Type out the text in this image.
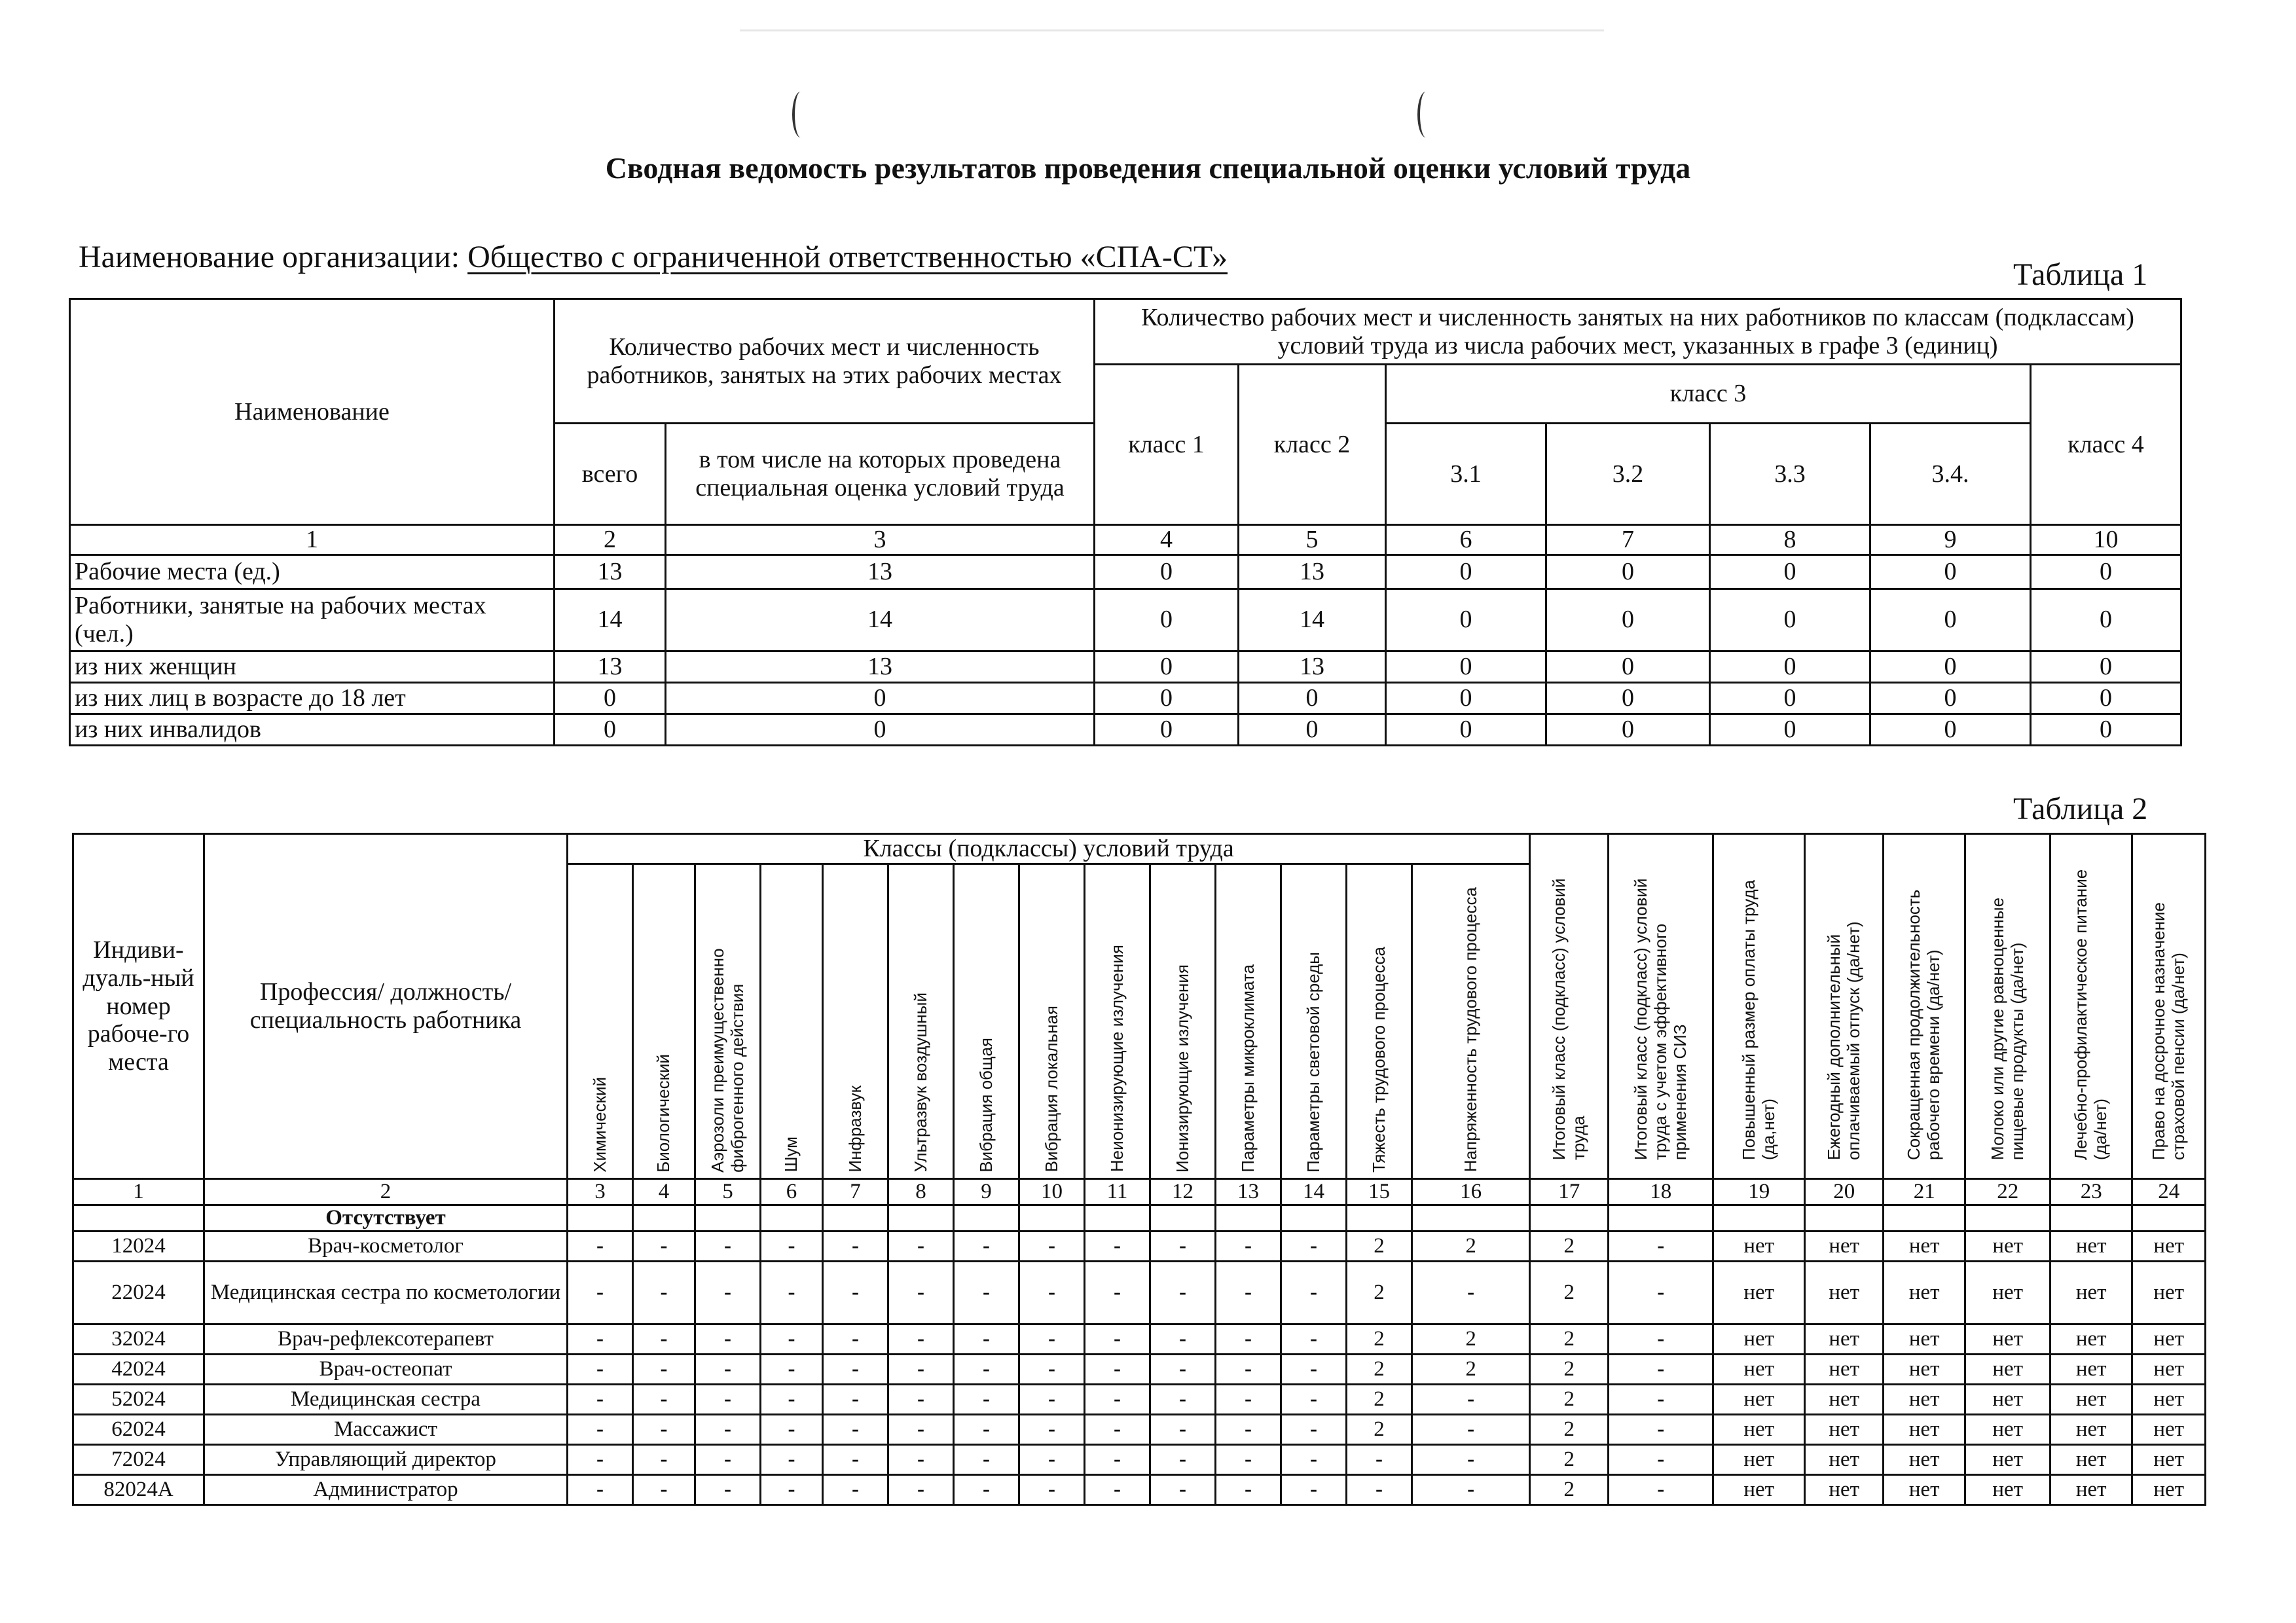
Сводная ведомость результатов проведения специальной оценки условий труда
Наименование организации: Общество с ограниченной ответственностью «СПА-СТ»
Таблица 1
Наименование	Количество рабочих мест и численность работников, занятых на этих рабочих местах		Количество рабочих мест и численность занятых на них работников по классам (подклассам) условий труда из числа рабочих мест, указанных в графе 3 (единиц)						
			класс 1	класс 2	класс 3				класс 4
	всего	в том числе на которых проведена специальная оценка условий труда			3.1	3.2	3.3	3.4.	
1	2	3	4	5	6	7	8	9	10
Рабочие места (ед.)	13	13	0	13	0	0	0	0	0
Работники, занятые на рабочих местах (чел.)	14	14	0	14	0	0	0	0	0
из них женщин	13	13	0	13	0	0	0	0	0
из них лиц в возрасте до 18 лет	0	0	0	0	0	0	0	0	0
из них инвалидов	0	0	0	0	0	0	0	0	0
Таблица 2
Индиви-дуаль-ный номер рабоче-го места	Профессия/ должность/ специальность работника	Классы (подклассы) условий труда														Итоговый класс (подкласс) условий труда	Итоговый класс (подкласс) условий труда с учетом эффективного применения СИЗ	Повышенный размер оплаты труда (да,нет)	Ежегодный дополнительный оплачиваемый отпуск (да/нет)	Сокращенная продолжительность рабочего времени (да/нет)	Молоко или другие равноценные пищевые продукты (да/нет)	Лечебно-профилактическое питание (да/нет)	Право на досрочное назначение страховой пенсии (да/нет)

		Химический	Биологический	Аэрозоли преимущественно фиброгенного действия	Шум	Инфразвук	Ультразвук воздушный	Вибрация общая	Вибрация локальная	Неионизирующие излучения	Ионизирующие излучения	Параметры микроклимата	Параметры световой среды	Тяжесть трудового процесса	Напряженность трудового процесса								

1	2	3	4	5	6	7	8	9	10	11	12	13	14	15	16	17	18	19	20	21	22	23	24
	Отсутствует																						
12024	Врач-косметолог	-	-	-	-	-	-	-	-	-	-	-	-	2	2	2	-	нет	нет	нет	нет	нет	нет
22024	Медицинская сестра по косметологии	-	-	-	-	-	-	-	-	-	-	-	-	2	-	2	-	нет	нет	нет	нет	нет	нет
32024	Врач-рефлексотерапевт	-	-	-	-	-	-	-	-	-	-	-	-	2	2	2	-	нет	нет	нет	нет	нет	нет
42024	Врач-остеопат	-	-	-	-	-	-	-	-	-	-	-	-	2	2	2	-	нет	нет	нет	нет	нет	нет
52024	Медицинская сестра	-	-	-	-	-	-	-	-	-	-	-	-	2	-	2	-	нет	нет	нет	нет	нет	нет
62024	Массажист	-	-	-	-	-	-	-	-	-	-	-	-	2	-	2	-	нет	нет	нет	нет	нет	нет
72024	Управляющий директор	-	-	-	-	-	-	-	-	-	-	-	-	-	-	2	-	нет	нет	нет	нет	нет	нет
82024А	Администратор	-	-	-	-	-	-	-	-	-	-	-	-	-	-	2	-	нет	нет	нет	нет	нет	нет
